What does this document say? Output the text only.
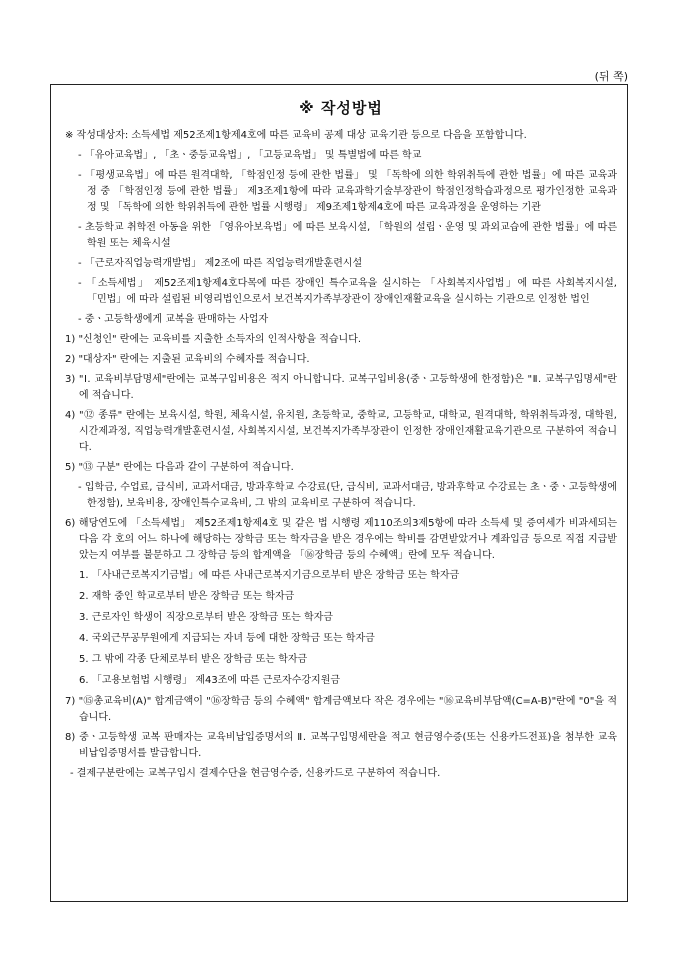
(뒤 쪽)
※ 작성방법
※ 작성대상자: 소득세법 제52조제1항제4호에 따른 교육비 공제 대상 교육기관 등으로 다음을 포함합니다.
- 「유아교육법」, 「초ㆍ중등교육법」, 「고등교육법」 및 특별법에 따른 학교
- 「평생교육법」에 따른 원격대학, 「학점인정 등에 관한 법률」 및 「독학에 의한 학위취득에 관한 법률」에 따른 교육과정 중 「학점인정 등에 관한 법률」 제3조제1항에 따라 교육과학기술부장관이 학점인정학습과정으로 평가인정한 교육과정 및 「독학에 의한 학위취득에 관한 법률 시행령」 제9조제1항제4호에 따른 교육과정을 운영하는 기관
- 초등학교 취학전 아동을 위한 「영유아보육법」에 따른 보육시설, 「학원의 설립ㆍ운영 및 과외교습에 관한 법률」에 따른 학원 또는 체육시설
- 「근로자직업능력개발법」 제2조에 따른 직업능력개발훈련시설
- 「소득세법」 제52조제1항제4호다목에 따른 장애인 특수교육을 실시하는 「사회복지사업법」에 따른 사회복지시설, 「민법」에 따라 설립된 비영리법인으로서 보건복지가족부장관이 장애인재활교육을 실시하는 기관으로 인정한 법인
- 중ㆍ고등학생에게 교복을 판매하는 사업자
1) "신청인" 란에는 교육비를 지출한 소득자의 인적사항을 적습니다.
2) "대상자" 란에는 지출된 교육비의 수혜자를 적습니다.
3) "Ⅰ. 교육비부담명세"란에는 교복구입비용은 적지 아니합니다. 교복구입비용(중ㆍ고등학생에 한정함)은 "Ⅱ. 교복구입명세"란에 적습니다.
4) "⑫ 종류" 란에는 보육시설, 학원, 체육시설, 유치원, 초등학교, 중학교, 고등학교, 대학교, 원격대학, 학위취득과정, 대학원, 시간제과정, 직업능력개발훈련시설, 사회복지시설, 보건복지가족부장관이 인정한 장애인재활교육기관으로 구분하여 적습니다.
5) "⑬ 구분" 란에는 다음과 같이 구분하여 적습니다.
- 입학금, 수업료, 급식비, 교과서대금, 방과후학교 수강료(단, 급식비, 교과서대금, 방과후학교 수강료는 초ㆍ중ㆍ고등학생에 한정함), 보육비용, 장애인특수교육비, 그 밖의 교육비로 구분하여 적습니다.
6) 해당연도에 「소득세법」 제52조제1항제4호 및 같은 법 시행령 제110조의3제5항에 따라 소득세 및 증여세가 비과세되는 다음 각 호의 어느 하나에 해당하는 장학금 또는 학자금을 받은 경우에는 학비를 감면받았거나 계좌입금 등으로 직접 지급받았는지 여부를 불문하고 그 장학금 등의 합계액을 「⑯장학금 등의 수혜액」란에 모두 적습니다.
1. 「사내근로복지기금법」에 따른 사내근로복지기금으로부터 받은 장학금 또는 학자금
2. 재학 중인 학교로부터 받은 장학금 또는 학자금
3. 근로자인 학생이 직장으로부터 받은 장학금 또는 학자금
4. 국외근무공무원에게 지급되는 자녀 등에 대한 장학금 또는 학자금
5. 그 밖에 각종 단체로부터 받은 장학금 또는 학자금
6. 「고용보험법 시행령」 제43조에 따른 근로자수강지원금
7) "⑮총교육비(A)" 합계금액이 "⑯장학금 등의 수혜액" 합계금액보다 작은 경우에는 "⑯교육비부담액(C=A-B)"란에 "0"을 적습니다.
8) 중ㆍ고등학생 교복 판매자는 교육비납입증명서의 Ⅱ. 교복구입명세란을 적고 현금영수증(또는 신용카드전표)을 첨부한 교육비납입증명서를 발급합니다.
- 결제구분란에는 교복구입시 결제수단을 현금영수증, 신용카드로 구분하여 적습니다.
